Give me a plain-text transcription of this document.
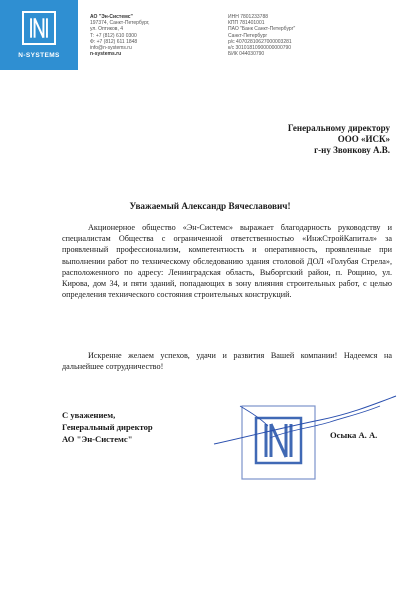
N-SYSTEMS
АО "Эн-Системс"
197374, Санкт-Петербург,
ул. Оптиков, 4
Т: +7 (812) 610 0300
Ф: +7 (812) 611 1848
info@n-systems.ru
n-systems.ru
ИНН 7801233788
КПП 781401001
ПАО "Банк Санкт-Петербург"
Санкт-Петербург
р/с 40702810627000003281
к/с 30101810900000000790
БИК 044030790
Генеральному директору
ООО «ИСК»
г-ну Звонкову А.В.
Уважаемый Александр Вячеславович!

Акционерное общество «Эн-Системс» выражает благодарность руководству и специалистам Общества с ограниченной ответственностью «ИнжСтройКапитал» за проявленный профессионализм, компетентность и оперативность, проявленные при выполнении работ по техническому обследованию здания столовой ДОЛ «Голубая Стрела», расположенного по адресу: Ленинградская область, Выборгский район, п. Рощино, ул. Кирова, дом 34, и пяти зданий, попадающих в зону влияния строительных работ, с целью определения технического состояния строительных конструкций.

Искренне желаем успехов, удачи и развития Вашей компании! Надеемся на дальнейшее сотрудничество!

С уважением,
Генеральный директор
АО "Эн-Системс"	Осыка А. А.
